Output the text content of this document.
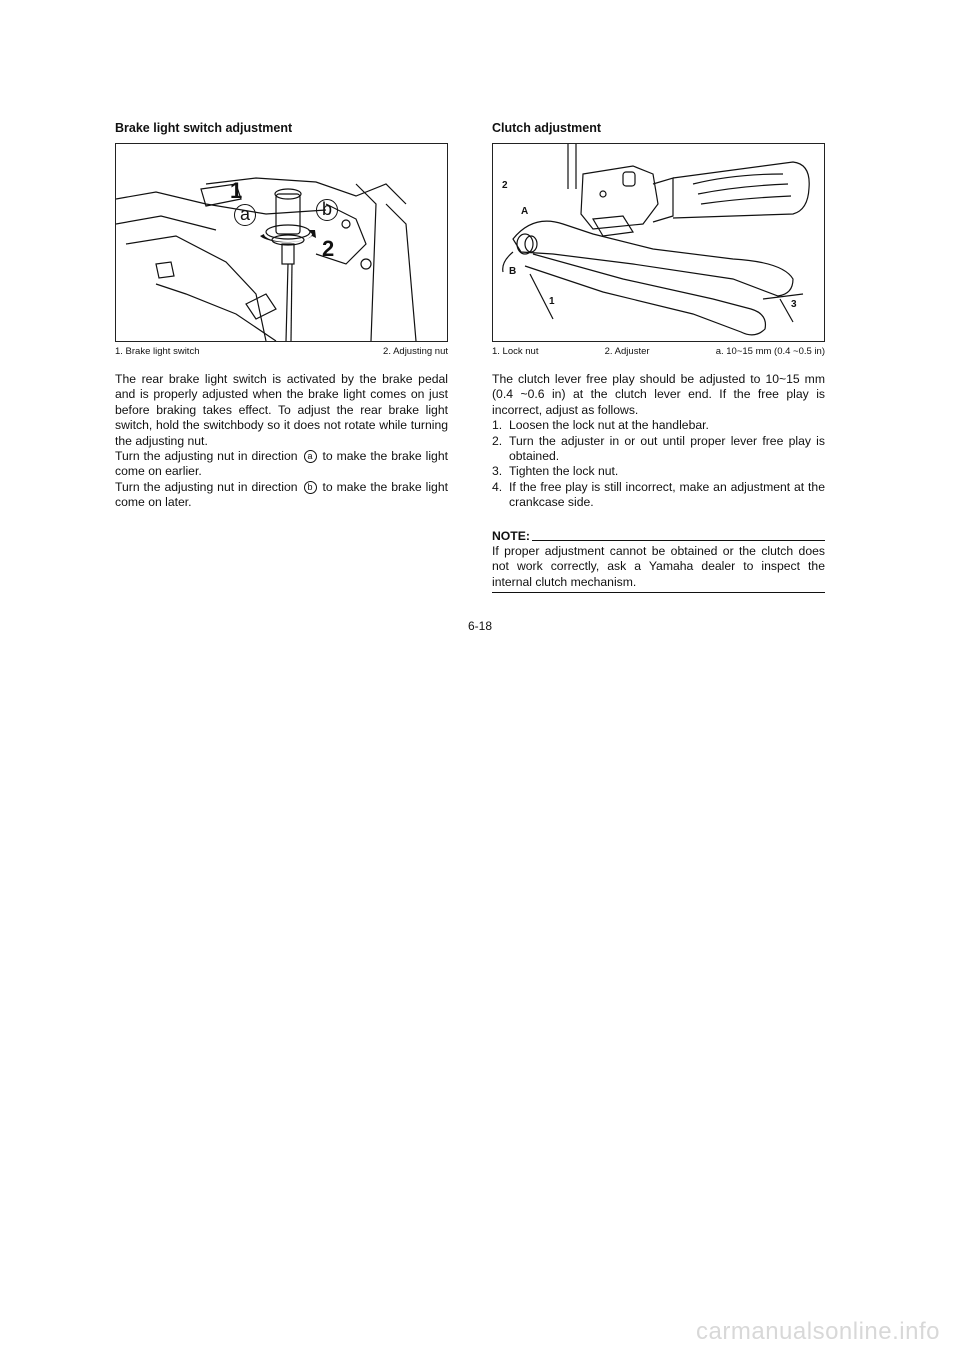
Brake light switch adjustment
1
a	b
2
1. Brake light switch	2. Adjusting nut

The rear brake light switch is activated by the brake pedal and is properly adjusted when the brake light comes on just before braking takes effect. To adjust the rear brake light switch, hold the switchbody so it does not rotate while turning the adjusting nut.

Turn the adjusting nut in direction a to make the brake light come on earlier.

Turn the adjusting nut in direction b to make the brake light come on later.

Clutch adjustment
2
A
B
1	3
1. Lock nut	2. Adjuster	a. 10~15 mm (0.4 ~0.5 in)

The clutch lever free play should be adjusted to 10~15 mm (0.4 ~0.6 in) at the clutch lever end. If the free play is incorrect, adjust as follows.

1. Loosen the lock nut at the handlebar.
2. Turn the adjuster in or out until proper lever free play is obtained.
3. Tighten the lock nut.
4. If the free play is still incorrect, make an adjustment at the crankcase side.
NOTE:
If proper adjustment cannot be obtained or the clutch does not work correctly, ask a Yamaha dealer to inspect the internal clutch mechanism.
6-18
carmanualsonline.info
